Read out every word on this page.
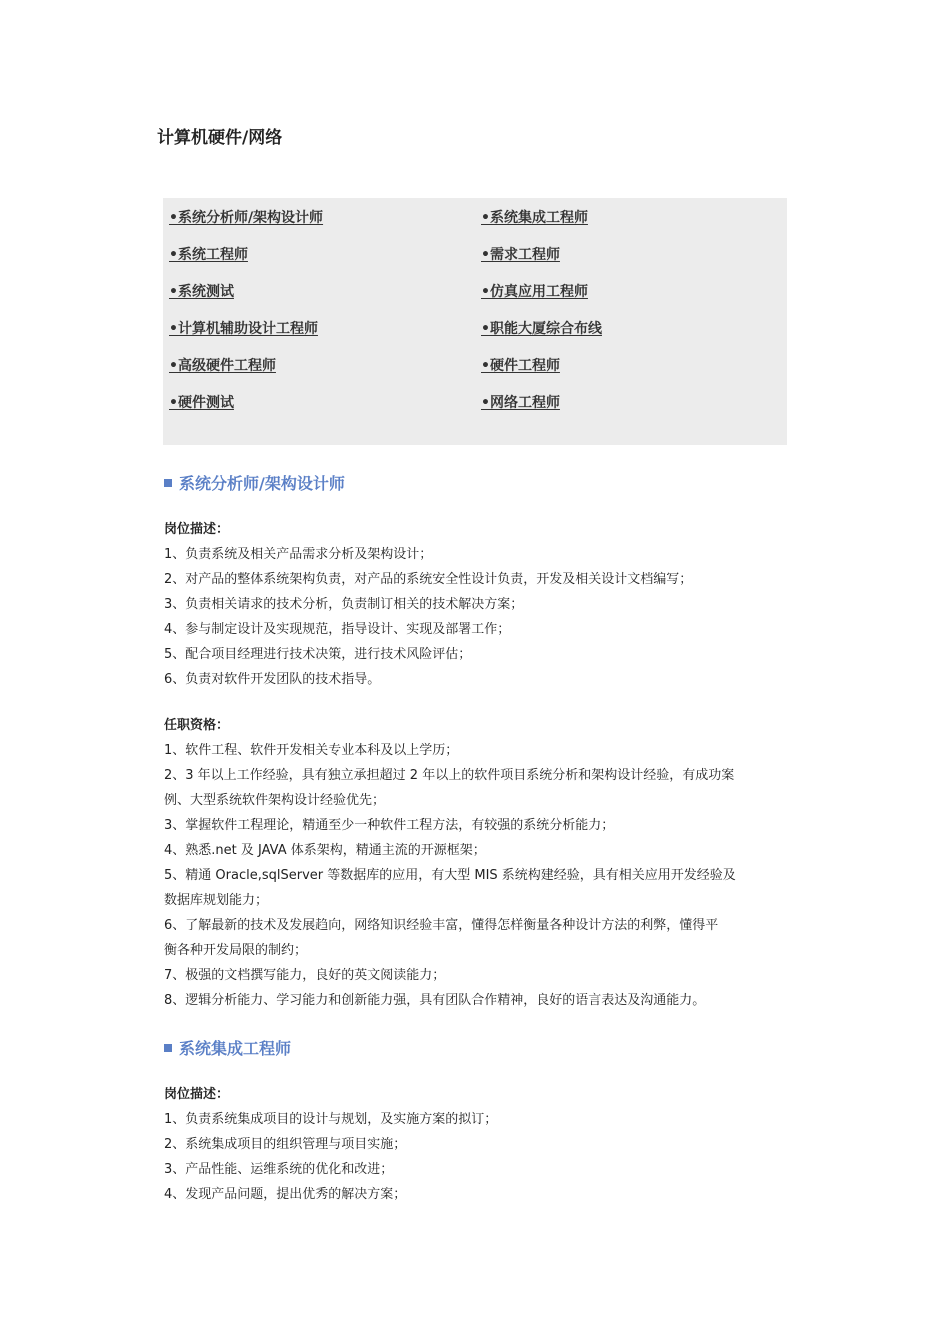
计算机硬件/网络
•系统分析师/架构设计师	•系统集成工程师
•系统工程师	•需求工程师
•系统测试	•仿真应用工程师
•计算机辅助设计工程师	•职能大厦综合布线
•高级硬件工程师	•硬件工程师
•硬件测试	•网络工程师
系统分析师/架构设计师
岗位描述：
1、负责系统及相关产品需求分析及架构设计；
2、对产品的整体系统架构负责，对产品的系统安全性设计负责，开发及相关设计文档编写；
3、负责相关请求的技术分析，负责制订相关的技术解决方案；
4、参与制定设计及实现规范，指导设计、实现及部署工作；
5、配合项目经理进行技术决策，进行技术风险评估；
6、负责对软件开发团队的技术指导。
任职资格：
1、软件工程、软件开发相关专业本科及以上学历；
2、3 年以上工作经验，具有独立承担超过 2 年以上的软件项目系统分析和架构设计经验，有成功案
例、大型系统软件架构设计经验优先；
3、掌握软件工程理论，精通至少一种软件工程方法，有较强的系统分析能力；
4、熟悉.net 及 JAVA 体系架构，精通主流的开源框架；
5、精通 Oracle,sqlServer 等数据库的应用，有大型 MIS 系统构建经验，具有相关应用开发经验及
数据库规划能力；
6、了解最新的技术及发展趋向，网络知识经验丰富，懂得怎样衡量各种设计方法的利弊，懂得平
衡各种开发局限的制约；
7、极强的文档撰写能力，良好的英文阅读能力；
8、逻辑分析能力、学习能力和创新能力强，具有团队合作精神，良好的语言表达及沟通能力。
系统集成工程师
岗位描述：
1、负责系统集成项目的设计与规划，及实施方案的拟订；
2、系统集成项目的组织管理与项目实施；
3、产品性能、运维系统的优化和改进；
4、发现产品问题，提出优秀的解决方案；
